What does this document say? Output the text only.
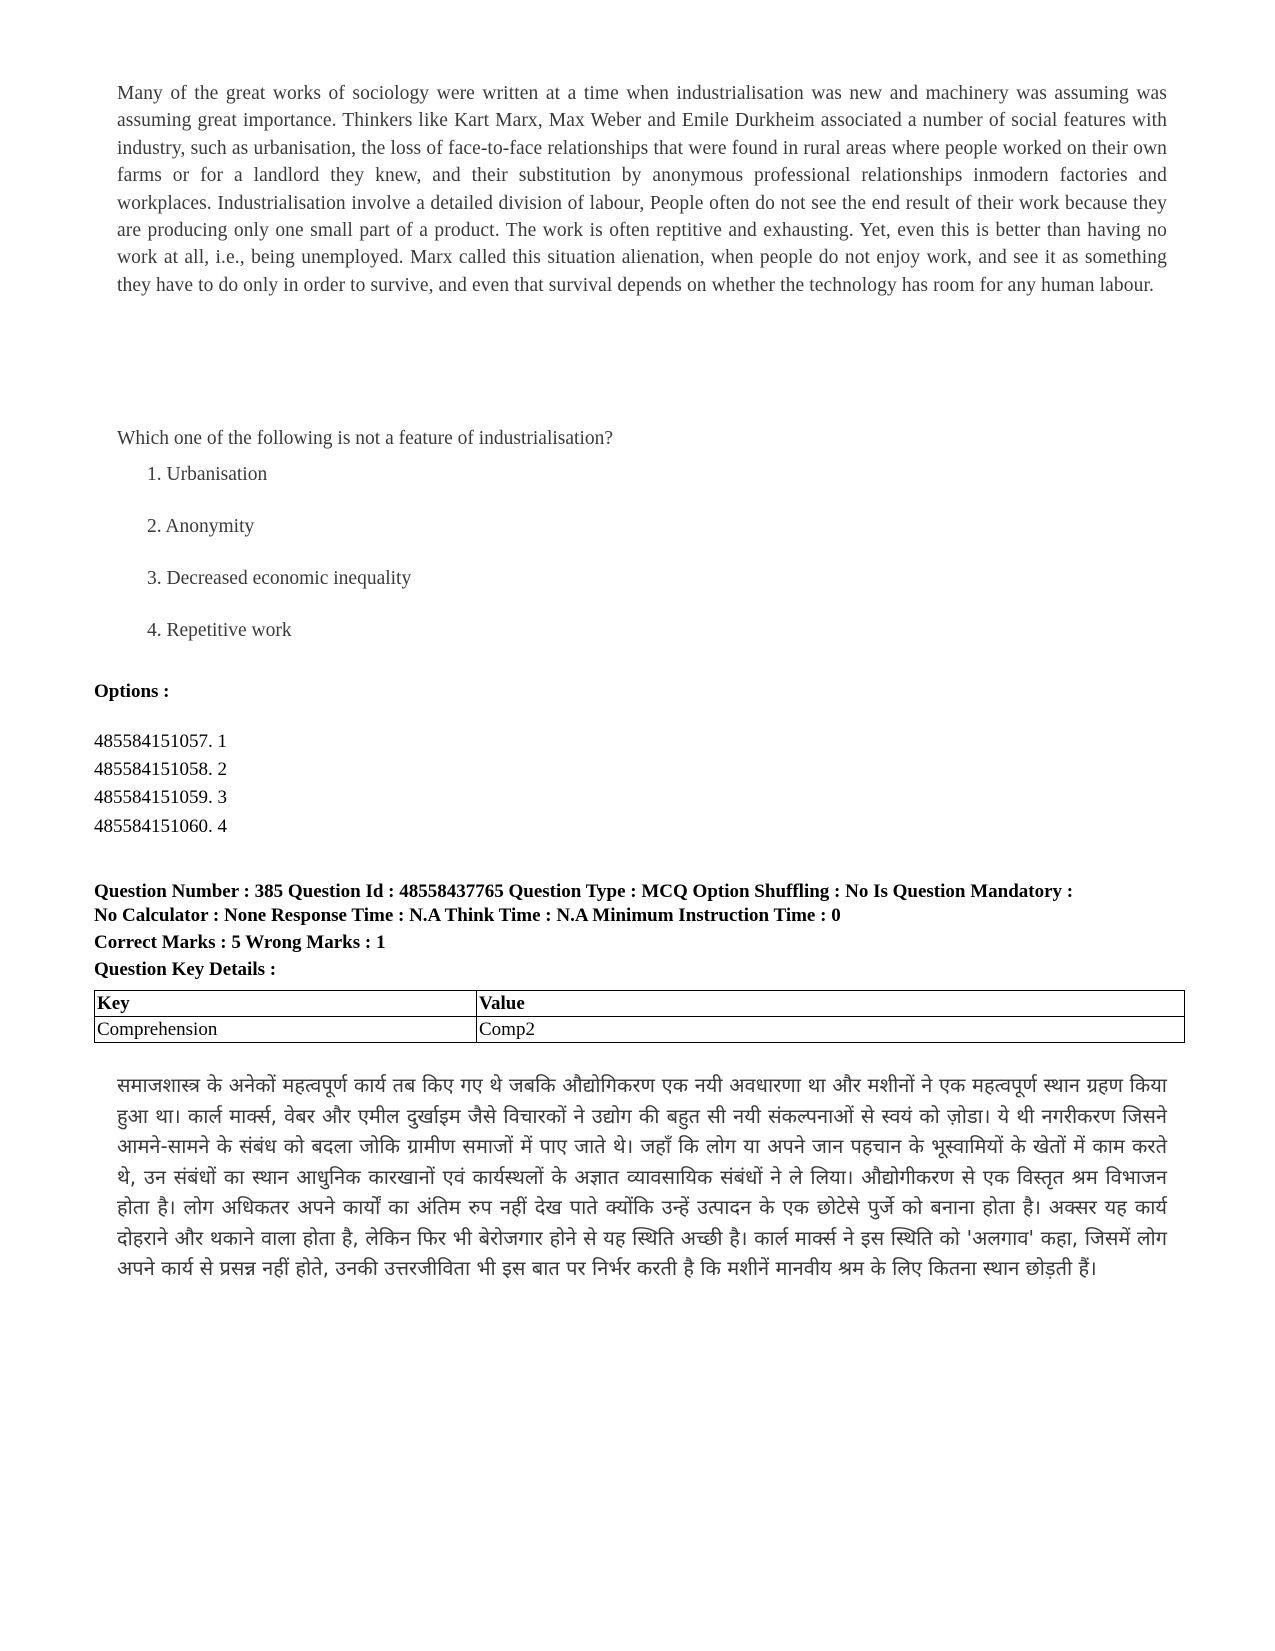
Many of the great works of sociology were written at a time when industrialisation was new and machinery was assuming was assuming great importance. Thinkers like Kart Marx, Max Weber and Emile Durkheim associated a number of social features with industry, such as urbanisation, the loss of face-to-face relationships that were found in rural areas where people worked on their own farms or for a landlord they knew, and their substitution by anonymous professional relationships inmodern factories and workplaces. Industrialisation involve a detailed division of labour, People often do not see the end result of their work because they are producing only one small part of a product. The work is often reptitive and exhausting. Yet, even this is better than having no work at all, i.e., being unemployed. Marx called this situation alienation, when people do not enjoy work, and see it as something they have to do only in order to survive, and even that survival depends on whether the technology has room for any human labour.
Which one of the following is not a feature of industrialisation?
1. Urbanisation
2. Anonymity
3. Decreased economic inequality
4. Repetitive work
Options :
485584151057. 1
485584151058. 2
485584151059. 3
485584151060. 4
Question Number : 385 Question Id : 48558437765 Question Type : MCQ Option Shuffling : No Is Question Mandatory :
No Calculator : None Response Time : N.A Think Time : N.A Minimum Instruction Time : 0
Correct Marks : 5 Wrong Marks : 1
Question Key Details :
Key	Value
Comprehension	Comp2
समाजशास्त्र के अनेकों महत्वपूर्ण कार्य तब किए गए थे जबकि औद्योगिकरण एक नयी अवधारणा था और मशीनों ने एक महत्वपूर्ण स्थान ग्रहण किया हुआ था। कार्ल मार्क्स, वेबर और एमील दुर्खाइम जैसे विचारकों ने उद्योग की बहुत सी नयी संकल्पनाओं से स्वयं को ज़ोडा। ये थी नगरीकरण जिसने आमने-सामने के संबंध को बदला जोकि ग्रामीण समाजों में पाए जाते थे। जहाँ कि लोग या अपने जान पहचान के भूस्वामियों के खेतों में काम करते थे, उन संबंधों का स्थान आधुनिक कारखानों एवं कार्यस्थलों के अज्ञात व्यावसायिक संबंधों ने ले लिया। औद्योगीकरण से एक विस्तृत श्रम विभाजन होता है। लोग अधिकतर अपने कार्यों का अंतिम रुप नहीं देख पाते क्योंकि उन्हें उत्पादन के एक छोटेसे पुर्जे को बनाना होता है। अक्सर यह कार्य दोहराने और थकाने वाला होता है, लेकिन फिर भी बेरोजगार होने से यह स्थिति अच्छी है। कार्ल मार्क्स ने इस स्थिति को 'अलगाव' कहा, जिसमें लोग अपने कार्य से प्रसन्न नहीं होते, उनकी उत्तरजीविता भी इस बात पर निर्भर करती है कि मशीनें मानवीय श्रम के लिए कितना स्थान छोड़ती हैं।
